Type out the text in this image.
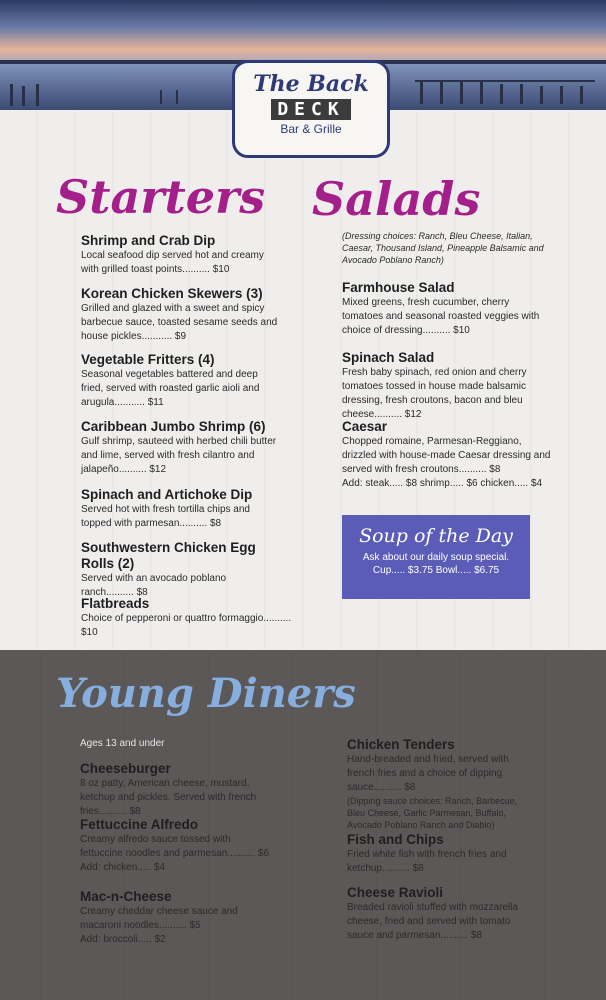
The Back
DECK
Bar & Grille
Starters Salads
Shrimp and Crab Dip
Local seafood dip served hot and creamy with grilled toast points.......... $10
Korean Chicken Skewers (3)
Grilled and glazed with a sweet and spicy barbecue sauce, toasted sesame seeds and house pickles........... $9
Vegetable Fritters (4)
Seasonal vegetables battered and deep fried, served with roasted garlic aioli and arugula........... $11
Caribbean Jumbo Shrimp (6)
Gulf shrimp, sauteed with herbed chili butter and lime, served with fresh cilantro and jalapeño.......... $12
Spinach and Artichoke Dip
Served hot with fresh tortilla chips and topped with parmesan.......... $8
Southwestern Chicken Egg Rolls (2)
Served with an avocado poblano ranch.......... $8
Flatbreads
Choice of pepperoni or quattro formaggio.......... $10
(Dressing choices: Ranch, Bleu Cheese, Italian, Caesar, Thousand Island, Pineapple Balsamic and Avocado Poblano Ranch)
Farmhouse Salad
Mixed greens, fresh cucumber, cherry tomatoes and seasonal roasted veggies with choice of dressing.......... $10
Spinach Salad
Fresh baby spinach, red onion and cherry tomatoes tossed in house made balsamic dressing, fresh croutons, bacon and bleu cheese.......... $12
Caesar
Chopped romaine, Parmesan-Reggiano, drizzled with house-made Caesar dressing and served with fresh croutons.......... $8
Add: steak..... $8 shrimp..... $6 chicken..... $4
Soup of the Day
Ask about our daily soup special.
Cup..... $3.75 Bowl..... $6.75
Young Diners
Ages 13 and under
Cheeseburger
8 oz patty, American cheese, mustard, ketchup and pickles. Served with french fries.......... $8
Fettuccine Alfredo
Creamy alfredo sauce tossed with fettuccine noodles and parmesan.......... $6
Add: chicken..... $4
Mac-n-Cheese
Creamy cheddar cheese sauce and macaroni noodles.......... $5
Add: broccoli..... $2
Chicken Tenders
Hand-breaded and fried, served with french fries and a choice of dipping sauce.......... $8
(Dipping sauce choices: Ranch, Barbecue, Bleu Cheese, Garlic Parmesan, Buffalo, Avocado Poblano Ranch and Diablo)
Fish and Chips
Fried white fish with french fries and ketchup.......... $8
Cheese Ravioli
Breaded ravioli stuffed with mozzarella cheese, fried and served with tomato sauce and parmesan.......... $8
